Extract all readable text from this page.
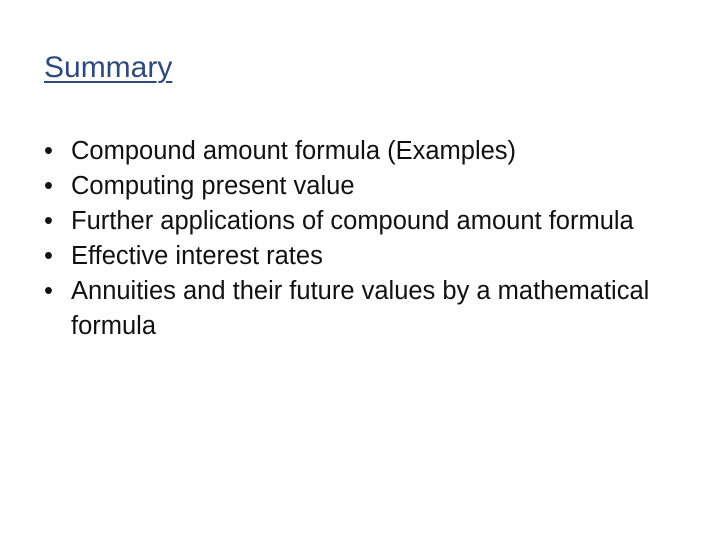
Summary
• Compound amount formula (Examples)
• Computing present value
• Further applications of compound amount formula
• Effective interest rates
• Annuities and their future values by a mathematical formula
